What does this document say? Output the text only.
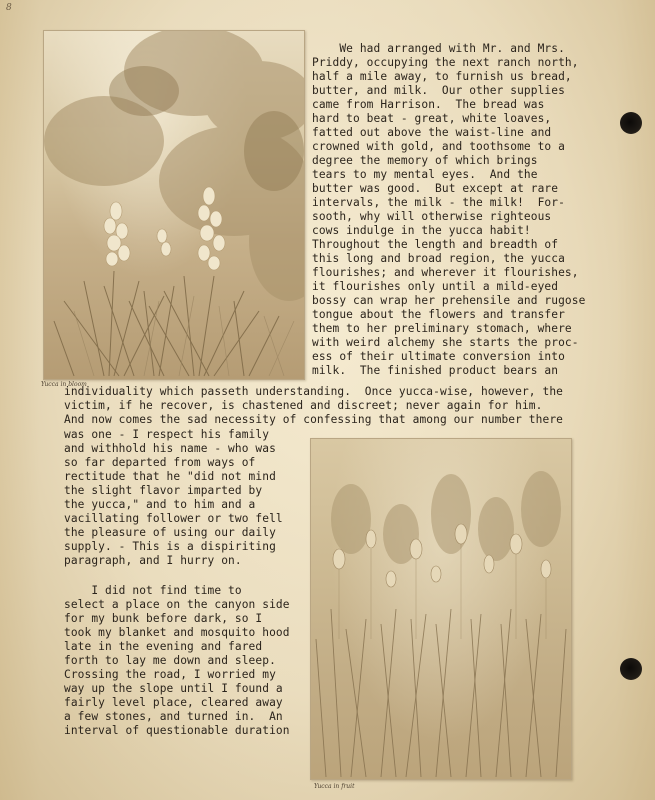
8
Yucca in bloom
Yucca in fruit
We had arranged with Mr. and Mrs.
Priddy, occupying the next ranch north,
half a mile away, to furnish us bread,
butter, and milk.  Our other supplies
came from Harrison.  The bread was
hard to beat - great, white loaves,
fatted out above the waist-line and
crowned with gold, and toothsome to a
degree the memory of which brings
tears to my mental eyes.  And the
butter was good.  But except at rare
intervals, the milk - the milk!  For-
sooth, why will otherwise righteous
cows indulge in the yucca habit!
Throughout the length and breadth of
this long and broad region, the yucca
flourishes; and wherever it flourishes,
it flourishes only until a mild-eyed
bossy can wrap her prehensile and rugose
tongue about the flowers and transfer
them to her preliminary stomach, where
with weird alchemy she starts the proc-
ess of their ultimate conversion into
milk.  The finished product bears an
individuality which passeth understanding.  Once yucca-wise, however, the
victim, if he recover, is chastened and discreet; never again for him.
And now comes the sad necessity of confessing that among our number there
was one - I respect his family
and withhold his name - who was
so far departed from ways of
rectitude that he "did not mind
the slight flavor imparted by
the yucca," and to him and a
vacillating follower or two fell
the pleasure of using our daily
supply. - This is a dispiriting
paragraph, and I hurry on.
I did not find time to
select a place on the canyon side
for my bunk before dark, so I
took my blanket and mosquito hood
late in the evening and fared
forth to lay me down and sleep.
Crossing the road, I worried my
way up the slope until I found a
fairly level place, cleared away
a few stones, and turned in.  An
interval of questionable duration
